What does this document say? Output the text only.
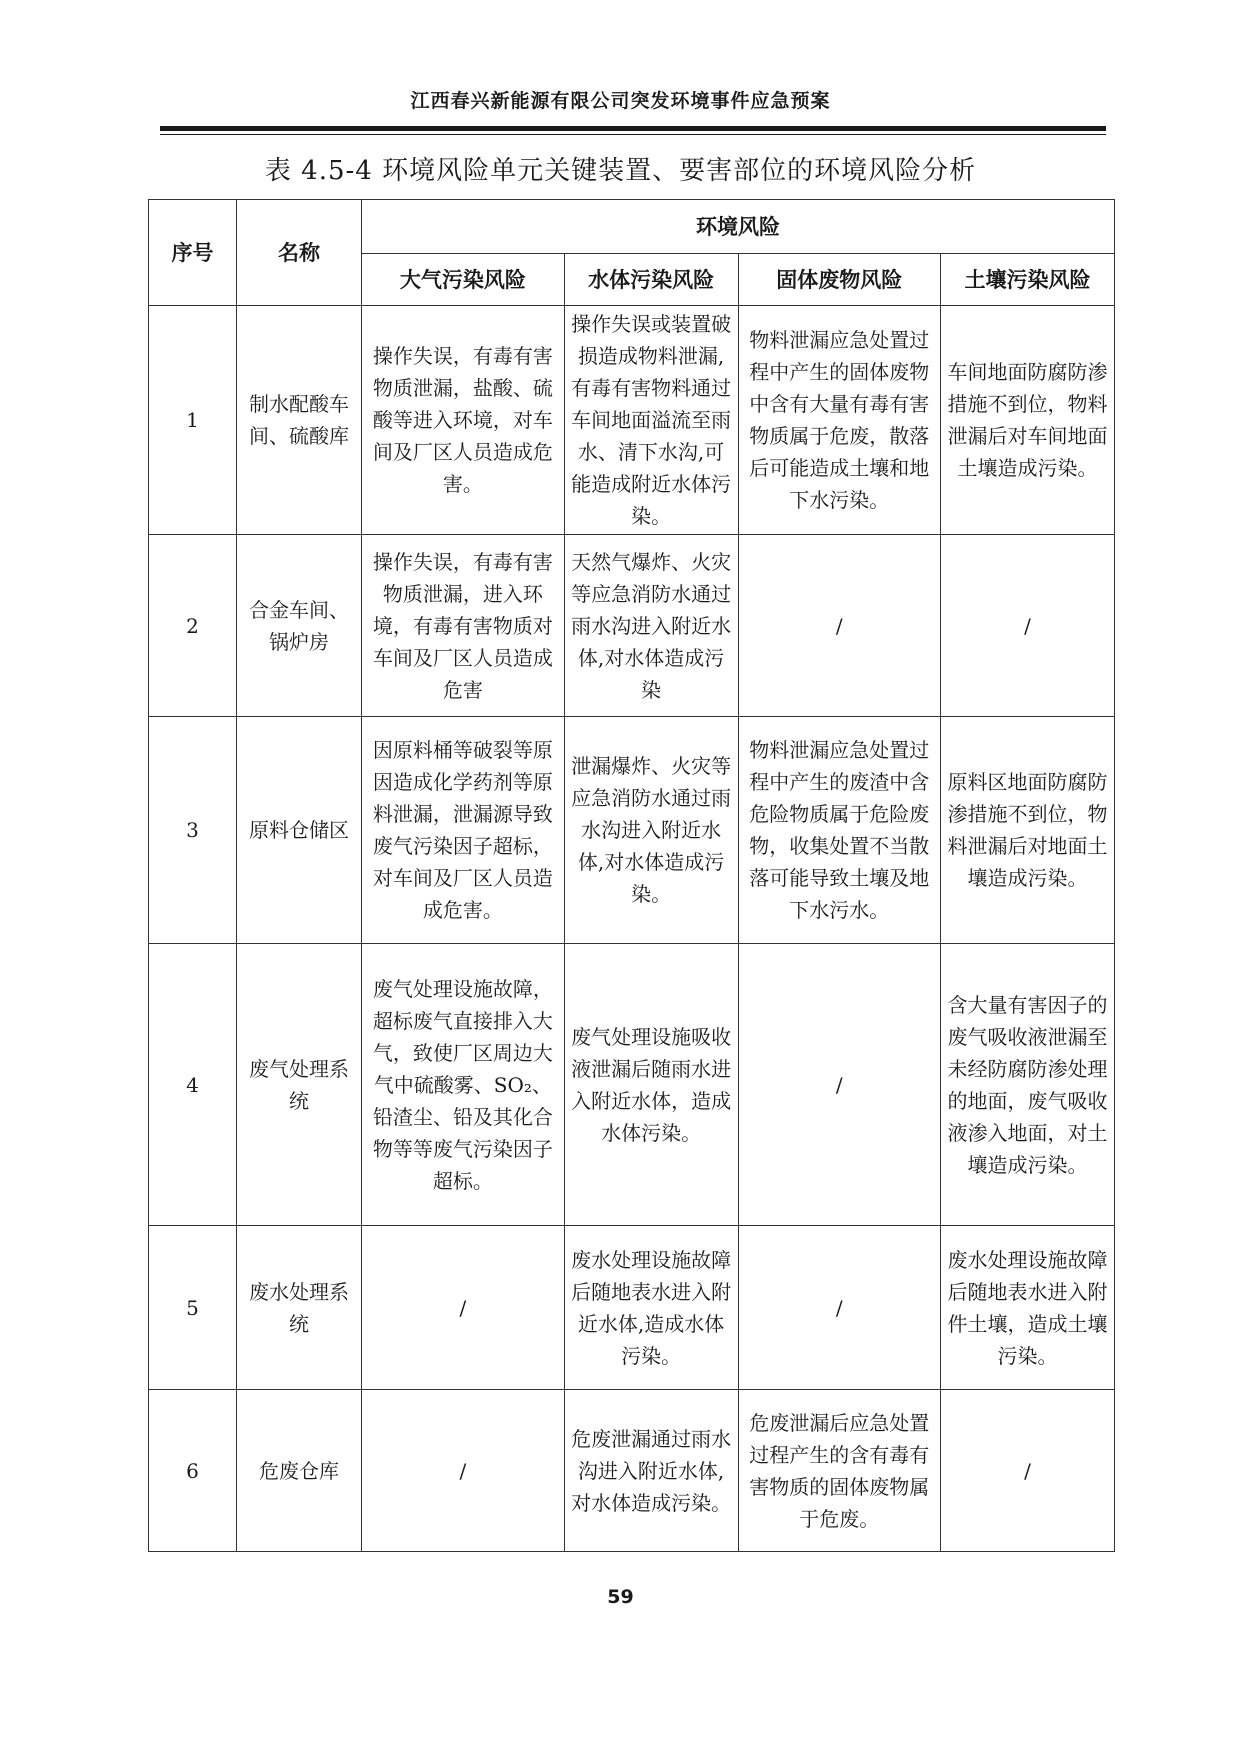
江西春兴新能源有限公司突发环境事件应急预案
表 4.5-4 环境风险单元关键装置、要害部位的环境风险分析
序号	名称	环境风险			
		大气污染风险	水体污染风险	固体废物风险	土壤污染风险
1	制水配酸车间、硫酸库	操作失误，有毒有害物质泄漏，盐酸、硫酸等进入环境，对车间及厂区人员造成危害。	操作失误或装置破损造成物料泄漏,有毒有害物料通过车间地面溢流至雨水、清下水沟,可能造成附近水体污染。	物料泄漏应急处置过程中产生的固体废物中含有大量有毒有害物质属于危废，散落后可能造成土壤和地下水污染。	车间地面防腐防渗措施不到位，物料泄漏后对车间地面土壤造成污染。
2	合金车间、锅炉房	操作失误，有毒有害物质泄漏，进入环境，有毒有害物质对车间及厂区人员造成危害	天然气爆炸、火灾等应急消防水通过雨水沟进入附近水体,对水体造成污染	/	/
3	原料仓储区	因原料桶等破裂等原因造成化学药剂等原料泄漏，泄漏源导致废气污染因子超标，对车间及厂区人员造成危害。	泄漏爆炸、火灾等应急消防水通过雨水沟进入附近水体,对水体造成污染。	物料泄漏应急处置过程中产生的废渣中含危险物质属于危险废物，收集处置不当散落可能导致土壤及地下水污水。	原料区地面防腐防渗措施不到位，物料泄漏后对地面土壤造成污染。
4	废气处理系统	废气处理设施故障，超标废气直接排入大气，致使厂区周边大气中硫酸雾、SO₂、铅渣尘、铅及其化合物等等废气污染因子超标。	废气处理设施吸收液泄漏后随雨水进入附近水体，造成水体污染。	/	含大量有害因子的废气吸收液泄漏至未经防腐防渗处理的地面，废气吸收液渗入地面，对土壤造成污染。
5	废水处理系统	/	废水处理设施故障后随地表水进入附近水体,造成水体污染。	/	废水处理设施故障后随地表水进入附件土壤，造成土壤污染。
6	危废仓库	/	危废泄漏通过雨水沟进入附近水体,对水体造成污染。	危废泄漏后应急处置过程产生的含有毒有害物质的固体废物属于危废。	/
59
